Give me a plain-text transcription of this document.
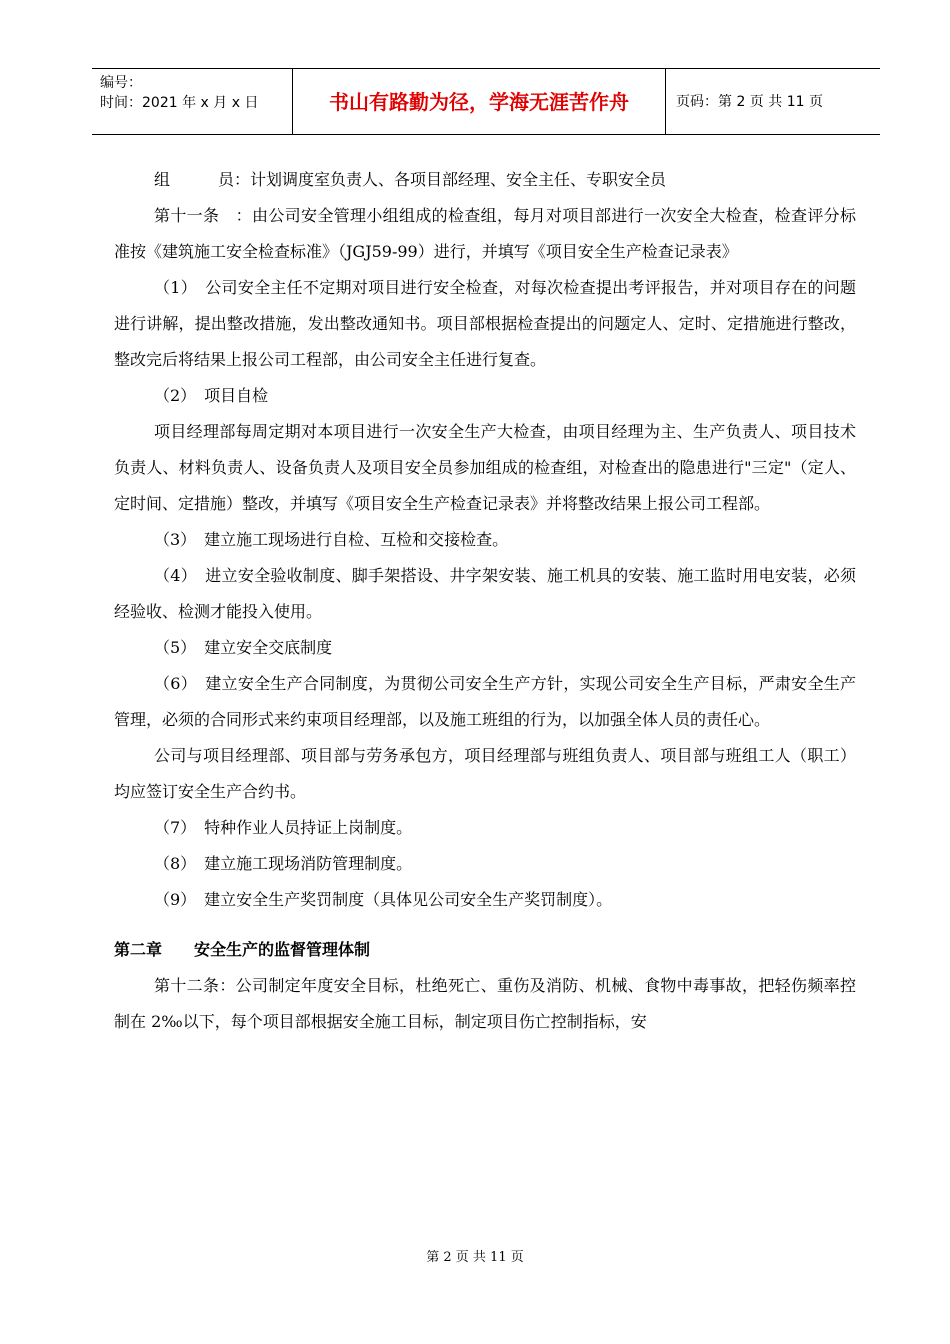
编号：
时间：2021 年 x 月 x 日	书山有路勤为径，学海无涯苦作舟	页码：第 2 页 共 11 页

组　　　员：计划调度室负责人、各项目部经理、安全主任、专职安全员

第十一条　：由公司安全管理小组组成的检查组，每月对项目部进行一次安全大检查，检查评分标准按《建筑施工安全检查标准》（JGJ59-99）进行，并填写《项目安全生产检查记录表》

（1）　公司安全主任不定期对项目进行安全检查，对每次检查提出考评报告，并对项目存在的问题进行讲解，提出整改措施，发出整改通知书。项目部根据检查提出的问题定人、定时、定措施进行整改，整改完后将结果上报公司工程部，由公司安全主任进行复查。

（2）　项目自检

项目经理部每周定期对本项目进行一次安全生产大检查，由项目经理为主、生产负责人、项目技术负责人、材料负责人、设备负责人及项目安全员参加组成的检查组，对检查出的隐患进行"三定"（定人、定时间、定措施）整改，并填写《项目安全生产检查记录表》并将整改结果上报公司工程部。

（3）　建立施工现场进行自检、互检和交接检查。

（4）　进立安全验收制度、脚手架搭设、井字架安装、施工机具的安装、施工监时用电安装，必须经验收、检测才能投入使用。

（5）　建立安全交底制度

（6）　建立安全生产合同制度，为贯彻公司安全生产方针，实现公司安全生产目标，严肃安全生产管理，必须的合同形式来约束项目经理部，以及施工班组的行为，以加强全体人员的责任心。

公司与项目经理部、项目部与劳务承包方，项目经理部与班组负责人、项目部与班组工人（职工）均应签订安全生产合约书。

（7）　特种作业人员持证上岗制度。

（8）　建立施工现场消防管理制度。

（9）　建立安全生产奖罚制度（具体见公司安全生产奖罚制度）。

第二章　　安全生产的监督管理体制

第十二条：公司制定年度安全目标，杜绝死亡、重伤及消防、机械、食物中毒事故，把轻伤频率控制在 2‰以下，每个项目部根据安全施工目标，制定项目伤亡控制指标，安

第 2 页 共 11 页
